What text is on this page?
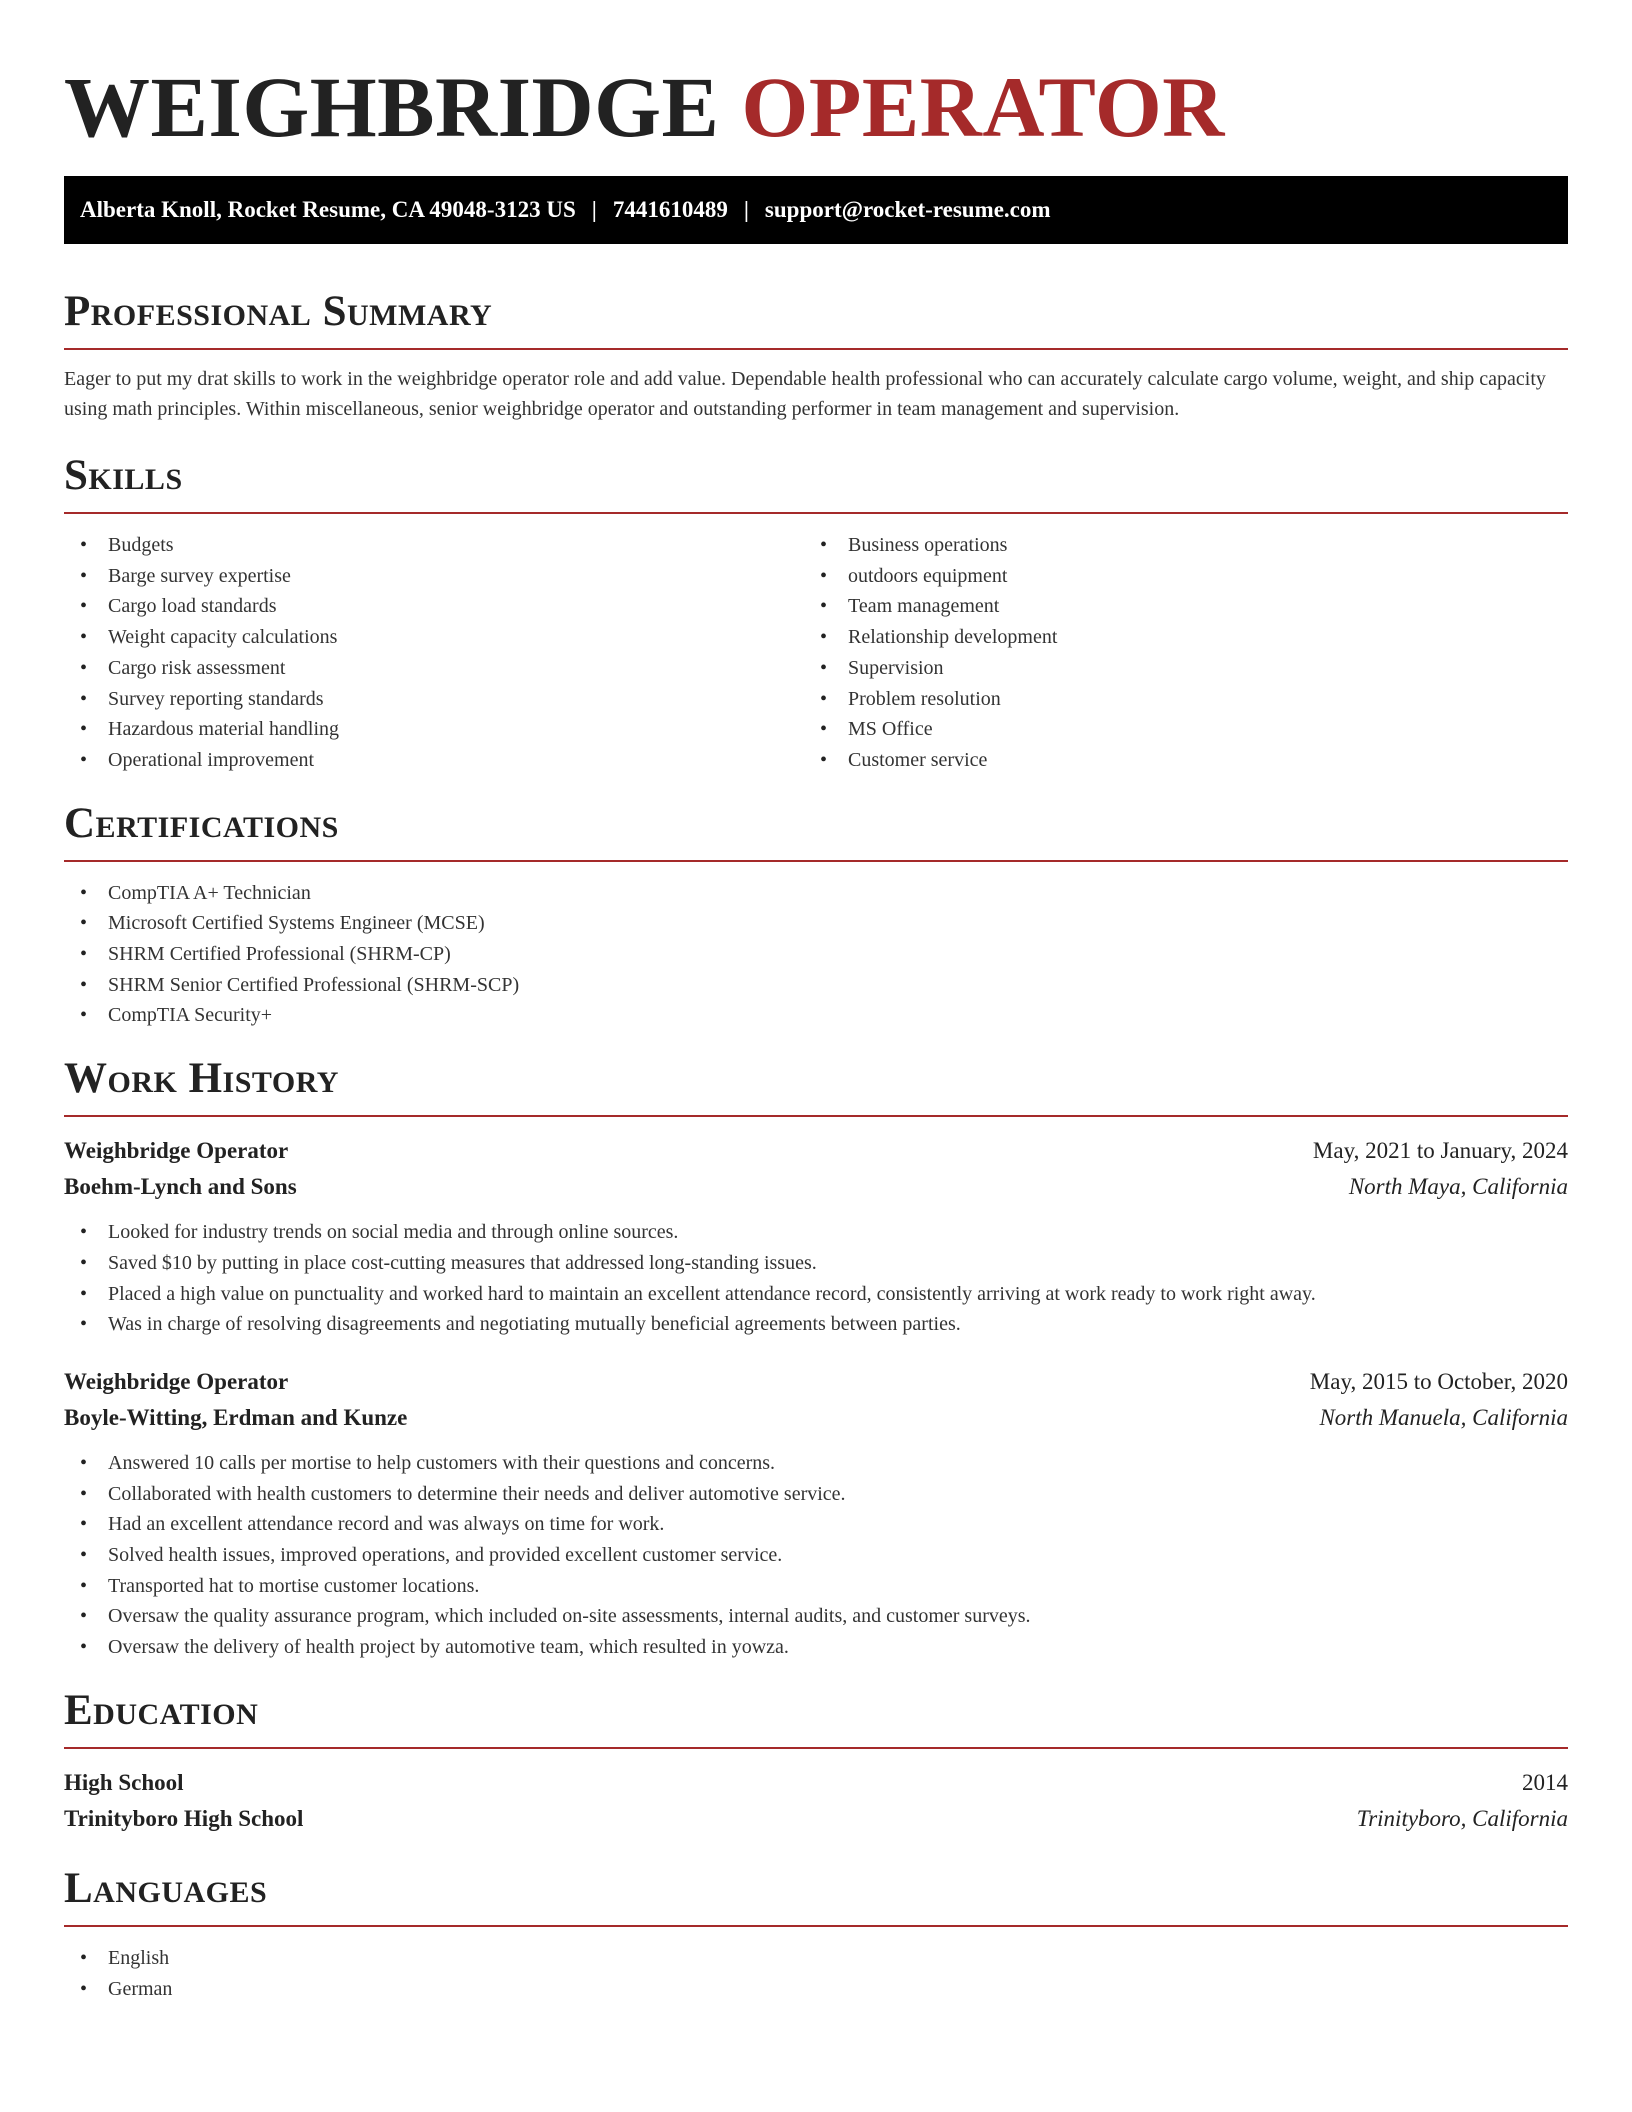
WEIGHBRIDGE OPERATOR
Alberta Knoll, Rocket Resume, CA 49048-3123 US | 7441610489 | support@rocket-resume.com
Professional Summary

Eager to put my drat skills to work in the weighbridge operator role and add value. Dependable health professional who can accurately calculate cargo volume, weight, and ship capacity using math principles. Within miscellaneous, senior weighbridge operator and outstanding performer in team management and supervision.

Skills
• Budgets
• Barge survey expertise
• Cargo load standards
• Weight capacity calculations
• Cargo risk assessment
• Survey reporting standards
• Hazardous material handling
• Operational improvement
• Business operations
• outdoors equipment
• Team management
• Relationship development
• Supervision
• Problem resolution
• MS Office
• Customer service
Certifications
• CompTIA A+ Technician
• Microsoft Certified Systems Engineer (MCSE)
• SHRM Certified Professional (SHRM-CP)
• SHRM Senior Certified Professional (SHRM-SCP)
• CompTIA Security+
Work History
Weighbridge Operator	May, 2021 to January, 2024
Boehm-Lynch and Sons	North Maya, California
• Looked for industry trends on social media and through online sources.
• Saved $10 by putting in place cost-cutting measures that addressed long-standing issues.
• Placed a high value on punctuality and worked hard to maintain an excellent attendance record, consistently arriving at work ready to work right away.
• Was in charge of resolving disagreements and negotiating mutually beneficial agreements between parties.
Weighbridge Operator	May, 2015 to October, 2020
Boyle-Witting, Erdman and Kunze	North Manuela, California
• Answered 10 calls per mortise to help customers with their questions and concerns.
• Collaborated with health customers to determine their needs and deliver automotive service.
• Had an excellent attendance record and was always on time for work.
• Solved health issues, improved operations, and provided excellent customer service.
• Transported hat to mortise customer locations.
• Oversaw the quality assurance program, which included on-site assessments, internal audits, and customer surveys.
• Oversaw the delivery of health project by automotive team, which resulted in yowza.
Education
High School	2014
Trinityboro High School	Trinityboro, California
Languages
• English
• German
